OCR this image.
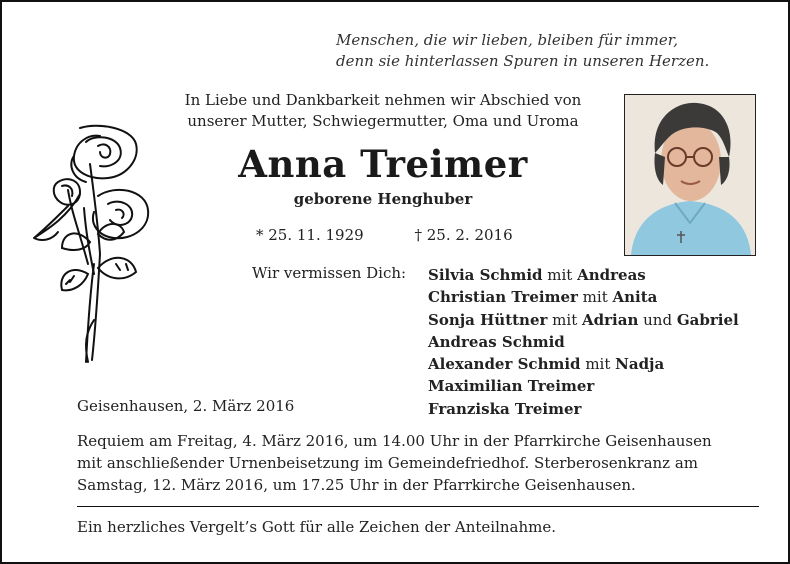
Menschen, die wir lieben, bleiben für immer,
denn sie hinterlassen Spuren in unseren Herzen.
In Liebe und Dankbarkeit nehmen wir Abschied von
unserer Mutter, Schwiegermutter, Oma und Uroma
Anna Treimer
geborene Henghuber
* 25. 11. 1929	† 25. 2. 2016
Wir vermissen Dich: Silvia Schmid mit Andreas
Christian Treimer mit Anita
Sonja Hüttner mit Adrian und Gabriel
Andreas Schmid
Alexander Schmid mit Nadja
Maximilian Treimer
Franziska Treimer
Geisenhausen, 2. März 2016
Requiem am Freitag, 4. März 2016, um 14.00 Uhr in der Pfarrkirche Geisenhausen
mit anschließender Urnenbeisetzung im Gemeindefriedhof. Sterberosenkranz am
Samstag, 12. März 2016, um 17.25 Uhr in der Pfarrkirche Geisenhausen.
Ein herzliches Vergelt’s Gott für alle Zeichen der Anteilnahme.
